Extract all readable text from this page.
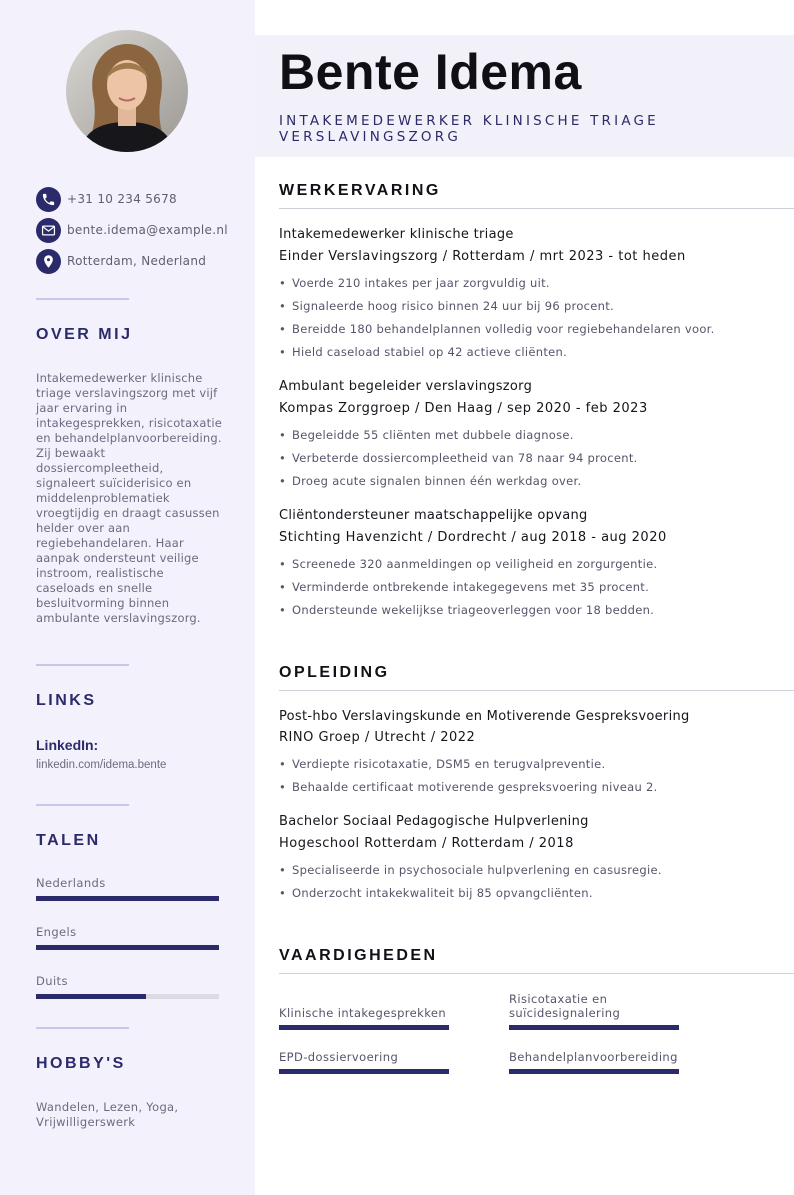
+31 10 234 5678
bente.idema@example.nl
Rotterdam, Nederland
OVER MIJ
Intakemedewerker klinische triage verslavingszorg met vijf jaar ervaring in intakegesprekken, risicotaxatie en behandelplanvoorbereiding. Zij bewaakt dossiercompleetheid, signaleert suïciderisico en middelenproblematiek vroegtijdig en draagt casussen helder over aan regiebehandelaren. Haar aanpak ondersteunt veilige instroom, realistische caseloads en snelle besluitvorming binnen ambulante verslavingszorg.
LINKS
LinkedIn:
linkedin.com/idema.bente
TALEN
Nederlands
Engels
Duits
HOBBY'S
Wandelen, Lezen, Yoga, Vrijwilligerswerk
Bente Idema
INTAKEMEDEWERKER KLINISCHE TRIAGE VERSLAVINGSZORG
WERKERVARING
Intakemedewerker klinische triage
Einder Verslavingszorg / Rotterdam / mrt 2023 - tot heden
• Voerde 210 intakes per jaar zorgvuldig uit.
• Signaleerde hoog risico binnen 24 uur bij 96 procent.
• Bereidde 180 behandelplannen volledig voor regiebehandelaren voor.
• Hield caseload stabiel op 42 actieve cliënten.
Ambulant begeleider verslavingszorg
Kompas Zorggroep / Den Haag / sep 2020 - feb 2023
• Begeleidde 55 cliënten met dubbele diagnose.
• Verbeterde dossiercompleetheid van 78 naar 94 procent.
• Droeg acute signalen binnen één werkdag over.
Cliëntondersteuner maatschappelijke opvang
Stichting Havenzicht / Dordrecht / aug 2018 - aug 2020
• Screenede 320 aanmeldingen op veiligheid en zorgurgentie.
• Verminderde ontbrekende intakegegevens met 35 procent.
• Ondersteunde wekelijkse triageoverleggen voor 18 bedden.
OPLEIDING
Post-hbo Verslavingskunde en Motiverende Gespreksvoering
RINO Groep / Utrecht / 2022
• Verdiepte risicotaxatie, DSM5 en terugvalpreventie.
• Behaalde certificaat motiverende gespreksvoering niveau 2.
Bachelor Sociaal Pedagogische Hulpverlening
Hogeschool Rotterdam / Rotterdam / 2018
• Specialiseerde in psychosociale hulpverlening en casusregie.
• Onderzocht intakekwaliteit bij 85 opvangcliënten.
VAARDIGHEDEN
Klinische intakegesprekken
Risicotaxatie en suïcidesignalering
EPD-dossiervoering	Behandelplanvoorbereiding
